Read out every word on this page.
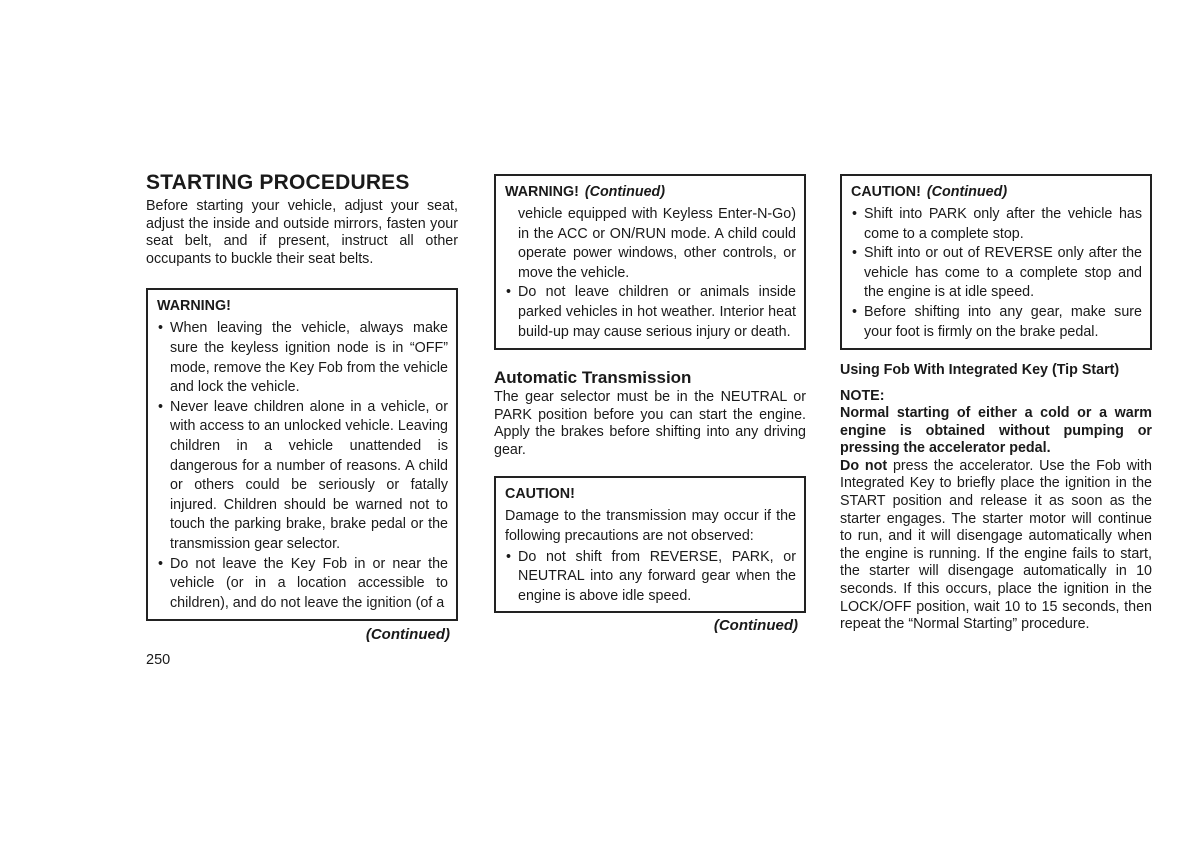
STARTING PROCEDURES

Before starting your vehicle, adjust your seat, adjust the inside and outside mirrors, fasten your seat belt, and if present, instruct all other occupants to buckle their seat belts.

WARNING!
• When leaving the vehicle, always make sure the keyless ignition node is in “OFF” mode, remove the Key Fob from the vehicle and lock the vehicle.
• Never leave children alone in a vehicle, or with access to an unlocked vehicle. Leaving children in a vehicle unattended is dangerous for a number of reasons. A child or others could be seriously or fatally injured. Children should be warned not to touch the parking brake, brake pedal or the transmission gear selector.
• Do not leave the Key Fob in or near the vehicle (or in a location accessible to children), and do not leave the ignition (of a
(Continued)
WARNING! (Continued)
vehicle equipped with Keyless Enter-N-Go) in the ACC or ON/RUN mode. A child could operate power windows, other controls, or move the vehicle.
• Do not leave children or animals inside parked vehicles in hot weather. Interior heat build-up may cause serious injury or death.
Automatic Transmission

The gear selector must be in the NEUTRAL or PARK position before you can start the engine. Apply the brakes before shifting into any driving gear.

CAUTION!

Damage to the transmission may occur if the following precautions are not observed:

• Do not shift from REVERSE, PARK, or NEUTRAL into any forward gear when the engine is above idle speed.
(Continued)
CAUTION! (Continued)
• Shift into PARK only after the vehicle has come to a complete stop.
• Shift into or out of REVERSE only after the vehicle has come to a complete stop and the engine is at idle speed.
• Before shifting into any gear, make sure your foot is firmly on the brake pedal.
Using Fob With Integrated Key (Tip Start)
NOTE:

Normal starting of either a cold or a warm engine is obtained without pumping or pressing the accelerator pedal.

Do not press the accelerator. Use the Fob with Integrated Key to briefly place the ignition in the START position and release it as soon as the starter engages. The starter motor will continue to run, and it will disengage automatically when the engine is running. If the engine fails to start, the starter will disengage automatically in 10 seconds. If this occurs, place the ignition in the LOCK/OFF position, wait 10 to 15 seconds, then repeat the “Normal Starting” procedure.

250
